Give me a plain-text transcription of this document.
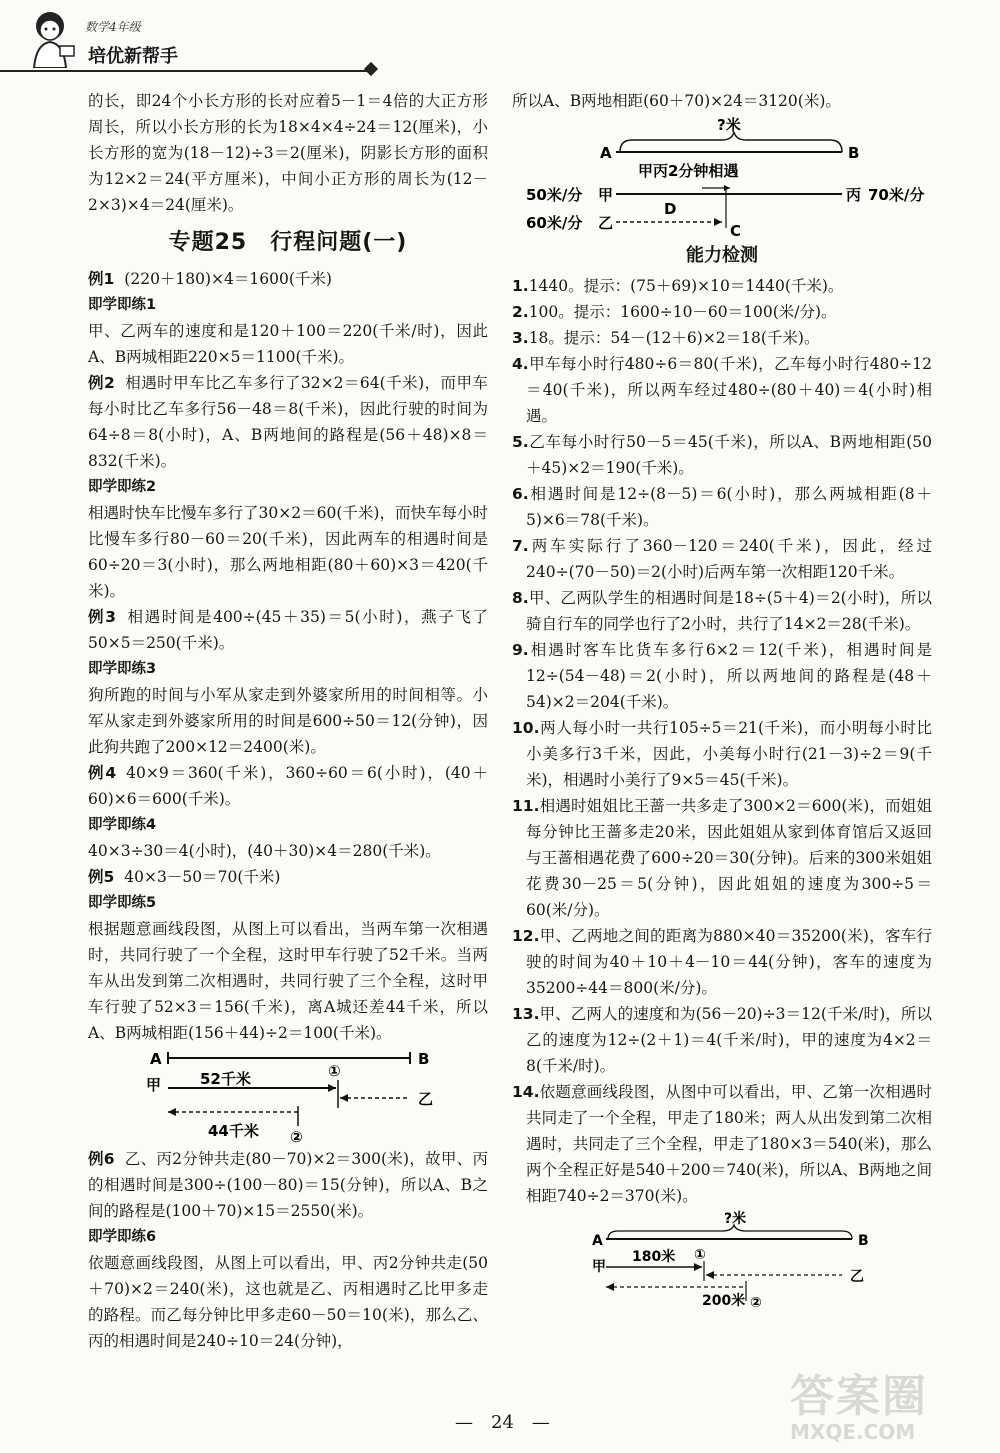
数学4年级
培优新帮手

的长，即24个小长方形的长对应着5－1＝4倍的大正方形周长，所以小长方形的长为18×4×4÷24＝12(厘米)，小长方形的宽为(18－12)÷3＝2(厘米)，阴影长方形的面积为12×2＝24(平方厘米)，中间小正方形的周长为(12－2×3)×4＝24(厘米)。

专题25　行程问题(一)
例1 (220＋180)×4＝1600(千米)
即学即练1

甲、乙两车的速度和是120＋100＝220(千米/时)，因此A、B两城相距220×5＝1100(千米)。

例2 相遇时甲车比乙车多行了32×2＝64(千米)，而甲车每小时比乙车多行56－48＝8(千米)，因此行驶的时间为64÷8＝8(小时)，A、B两地间的路程是(56＋48)×8＝832(千米)。

即学即练2

相遇时快车比慢车多行了30×2＝60(千米)，而快车每小时比慢车多行80－60＝20(千米)，因此两车的相遇时间是60÷20＝3(小时)，那么两地相距(80＋60)×3＝420(千米)。

例3 相遇时间是400÷(45＋35)＝5(小时)，燕子飞了50×5＝250(千米)。

即学即练3

狗所跑的时间与小军从家走到外婆家所用的时间相等。小军从家走到外婆家所用的时间是600÷50＝12(分钟)，因此狗共跑了200×12＝2400(米)。

例4 40×9＝360(千米)，360÷60＝6(小时)，(40＋60)×6＝600(千米)。

即学即练4

40×3÷30＝4(小时)，(40＋30)×4＝280(千米)。

例5 40×3－50＝70(千米)

即学即练5

根据题意画线段图，从图上可以看出，当两车第一次相遇时，共同行驶了一个全程，这时甲车行驶了52千米。当两车从出发到第二次相遇时，共同行驶了三个全程，这时甲车行驶了52×3＝156(千米)，离A城还差44千米，所以A、B两城相距(156＋44)÷2＝100(千米)。

A	B
甲	52千米	①
乙
44千米 ②

例6 乙、丙2分钟共走(80－70)×2＝300(米)，故甲、丙的相遇时间是300÷(100－80)＝15(分钟)，所以A、B之间的路程是(100＋70)×15＝2550(米)。

即学即练6

依题意画线段图，从图上可以看出，甲、丙2分钟共走(50＋70)×2＝240(米)，这也就是乙、丙相遇时乙比甲多走的路程。而乙每分钟比甲多走60－50＝10(米)，那么乙、丙的相遇时间是240÷10＝24(分钟)，

所以A、B两地相距(60＋70)×24＝3120(米)。

?米
A	B
甲丙2分钟相遇
50米/分 甲	丙 70米/分
D
60米/分 乙	C
能力检测

1.1440。提示：(75＋69)×10＝1440(千米)。

2.100。提示：1600÷10－60＝100(米/分)。

3.18。提示：54－(12＋6)×2＝18(千米)。

4.甲车每小时行480÷6＝80(千米)，乙车每小时行480÷12＝40(千米)，所以两车经过480÷(80＋40)＝4(小时)相遇。

5.乙车每小时行50－5＝45(千米)，所以A、B两地相距(50＋45)×2＝190(千米)。

6.相遇时间是12÷(8－5)＝6(小时)，那么两城相距(8＋5)×6＝78(千米)。

7.两车实际行了360－120＝240(千米)，因此，经过240÷(70－50)＝2(小时)后两车第一次相距120千米。

8.甲、乙两队学生的相遇时间是18÷(5＋4)＝2(小时)，所以骑自行车的同学也行了2小时，共行了14×2＝28(千米)。

9.相遇时客车比货车多行6×2＝12(千米)，相遇时间是12÷(54－48)＝2(小时)，所以两地间的路程是(48＋54)×2＝204(千米)。

10.两人每小时一共行105÷5＝21(千米)，而小明每小时比小美多行3千米，因此，小美每小时行(21－3)÷2＝9(千米)，相遇时小美行了9×5＝45(千米)。

11.相遇时姐姐比王蔷一共多走了300×2＝600(米)，而姐姐每分钟比王蔷多走20米，因此姐姐从家到体育馆后又返回与王蔷相遇花费了600÷20＝30(分钟)。后来的300米姐姐花费30－25＝5(分钟)，因此姐姐的速度为300÷5＝60(米/分)。

12.甲、乙两地之间的距离为880×40＝35200(米)，客车行驶的时间为40＋10＋4－10＝44(分钟)，客车的速度为35200÷44＝800(米/分)。

13.甲、乙两人的速度和为(56－20)÷3＝12(千米/时)，所以乙的速度为12÷(2＋1)＝4(千米/时)，甲的速度为4×2＝8(千米/时)。

14.依题意画线段图，从图中可以看出，甲、乙第一次相遇时共同走了一个全程，甲走了180米；两人从出发到第二次相遇时，共同走了三个全程，甲走了180×3＝540(米)，那么两个全程正好是540＋200＝740(米)，所以A、B两地之间相距740÷2＝370(米)。

?米
A	B
180米 ①
甲
乙
200米 ②
—　24　—
答案圈
MXQE.COM
